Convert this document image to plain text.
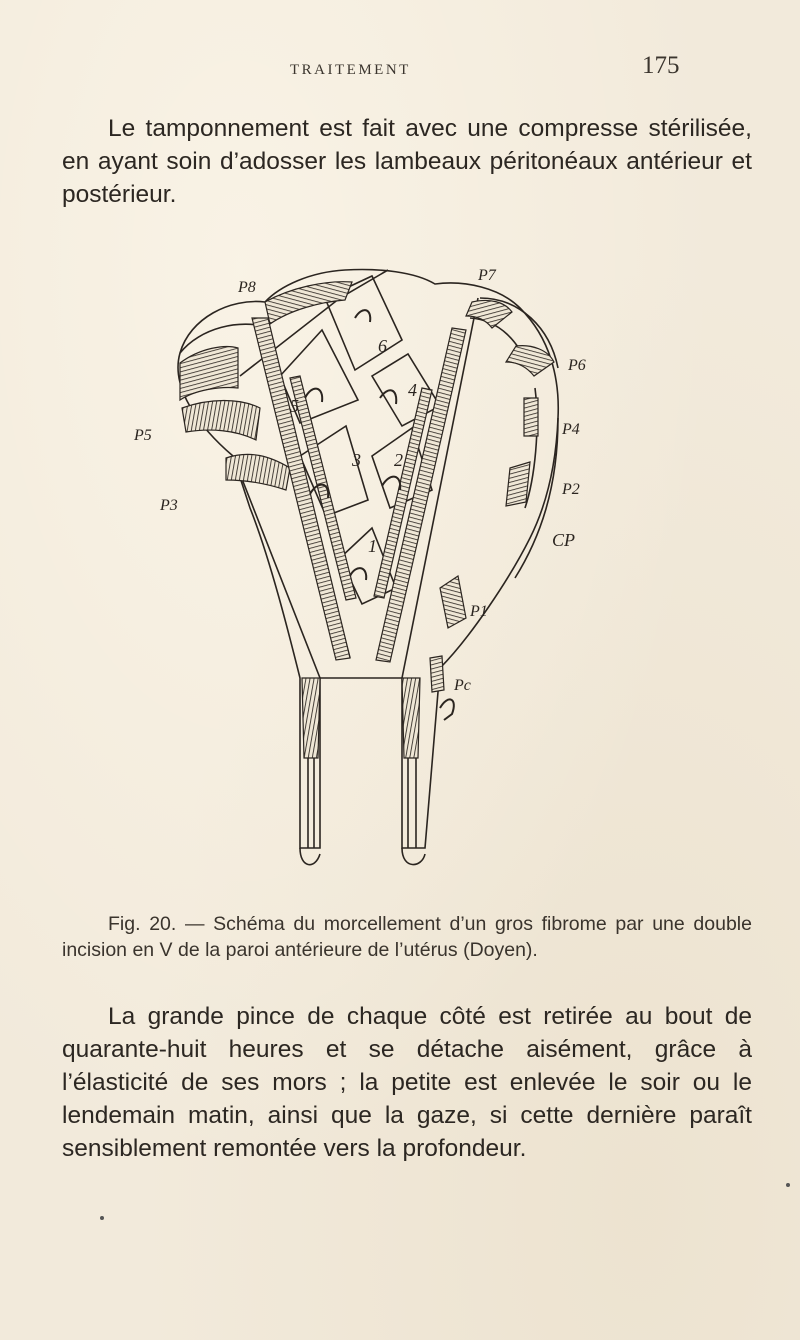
TRAITEMENT	175

Le tamponnement est fait avec une compresse stérilisée, en ayant soin d’adosser les lambeaux péritonéaux antérieur et postérieur.

P8
P7
P6
P5	P4
P3
P2
CP
P1
Pc
6
5
4
3 2
1

Fig. 20. — Schéma du morcellement d’un gros fibrome par une double incision en V de la paroi antérieure de l’utérus (Doyen).

La grande pince de chaque côté est retirée au bout de quarante-huit heures et se détache aisément, grâce à l’élasticité de ses mors ; la petite est enlevée le soir ou le lendemain matin, ainsi que la gaze, si cette dernière paraît sensiblement remontée vers la profondeur.
